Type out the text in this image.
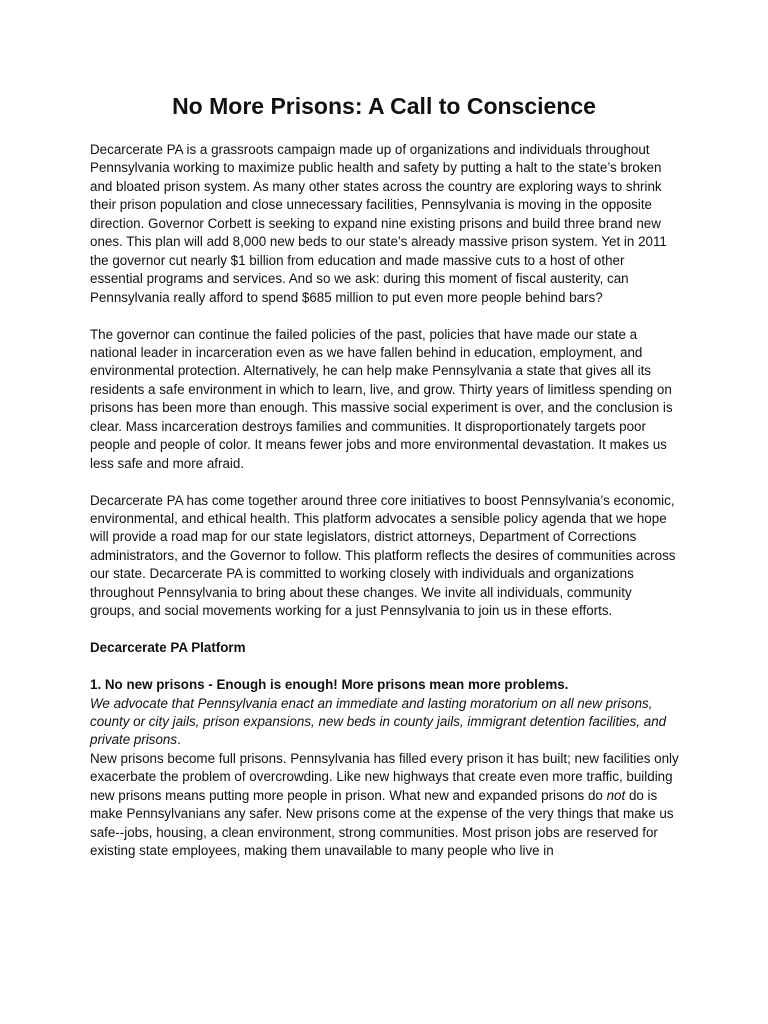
No More Prisons: A Call to Conscience

Decarcerate PA is a grassroots campaign made up of organizations and individuals throughout Pennsylvania working to maximize public health and safety by putting a halt to the state’s broken and bloated prison system. As many other states across the country are exploring ways to shrink their prison population and close unnecessary facilities, Pennsylvania is moving in the opposite direction. Governor Corbett is seeking to expand nine existing prisons and build three brand new ones. This plan will add 8,000 new beds to our state’s already massive prison system. Yet in 2011 the governor cut nearly $1 billion from education and made massive cuts to a host of other essential programs and services. And so we ask: during this moment of fiscal austerity, can Pennsylvania really afford to spend $685 million to put even more people behind bars?

The governor can continue the failed policies of the past, policies that have made our state a national leader in incarceration even as we have fallen behind in education, employment, and environmental protection. Alternatively, he can help make Pennsylvania a state that gives all its residents a safe environment in which to learn, live, and grow. Thirty years of limitless spending on prisons has been more than enough. This massive social experiment is over, and the conclusion is clear. Mass incarceration destroys families and communities. It disproportionately targets poor people and people of color. It means fewer jobs and more environmental devastation. It makes us less safe and more afraid.

Decarcerate PA has come together around three core initiatives to boost Pennsylvania’s economic, environmental, and ethical health. This platform advocates a sensible policy agenda that we hope will provide a road map for our state legislators, district attorneys, Department of Corrections administrators, and the Governor to follow. This platform reflects the desires of communities across our state. Decarcerate PA is committed to working closely with individuals and organizations throughout Pennsylvania to bring about these changes. We invite all individuals, community groups, and social movements working for a just Pennsylvania to join us in these efforts.

Decarcerate PA Platform

1. No new prisons - Enough is enough! More prisons mean more problems.

We advocate that Pennsylvania enact an immediate and lasting moratorium on all new prisons, county or city jails, prison expansions, new beds in county jails, immigrant detention facilities, and private prisons.

New prisons become full prisons. Pennsylvania has filled every prison it has built; new facilities only exacerbate the problem of overcrowding. Like new highways that create even more traffic, building new prisons means putting more people in prison. What new and expanded prisons do not do is make Pennsylvanians any safer. New prisons come at the expense of the very things that make us safe--jobs, housing, a clean environment, strong communities. Most prison jobs are reserved for existing state employees, making them unavailable to many people who live in
